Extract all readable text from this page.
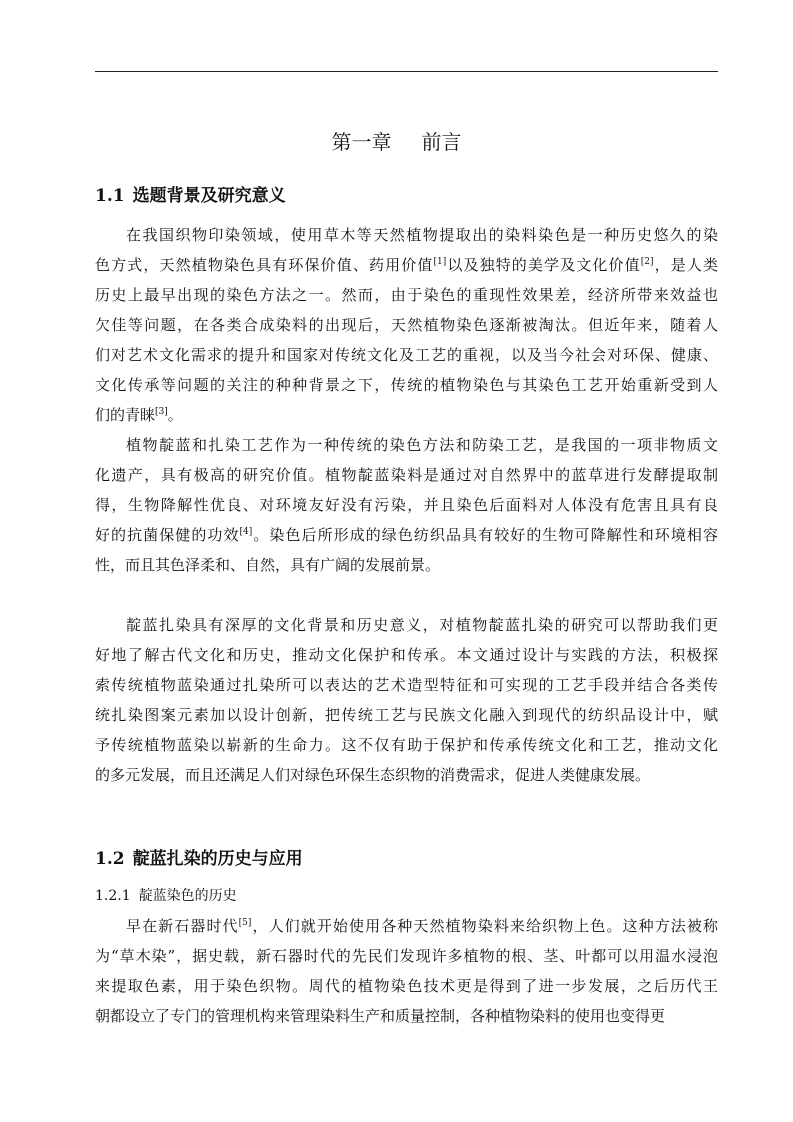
第一章 前言
1.1 选题背景及研究意义
在我国织物印染领域，使用草木等天然植物提取出的染料染色是一种历史悠久的染
色方式，天然植物染色具有环保价值、药用价值[1]以及独特的美学及文化价值[2]，是人类
历史上最早出现的染色方法之一。然而，由于染色的重现性效果差，经济所带来效益也
欠佳等问题，在各类合成染料的出现后，天然植物染色逐渐被淘汰。但近年来，随着人
们对艺术文化需求的提升和国家对传统文化及工艺的重视，以及当今社会对环保、健康、
文化传承等问题的关注的种种背景之下，传统的植物染色与其染色工艺开始重新受到人
们的青睐[3]。
植物靛蓝和扎染工艺作为一种传统的染色方法和防染工艺，是我国的一项非物质文
化遗产，具有极高的研究价值。植物靛蓝染料是通过对自然界中的蓝草进行发酵提取制
得，生物降解性优良、对环境友好没有污染，并且染色后面料对人体没有危害且具有良
好的抗菌保健的功效[4]。染色后所形成的绿色纺织品具有较好的生物可降解性和环境相容
性，而且其色泽柔和、自然，具有广阔的发展前景。
靛蓝扎染具有深厚的文化背景和历史意义，对植物靛蓝扎染的研究可以帮助我们更
好地了解古代文化和历史，推动文化保护和传承。本文通过设计与实践的方法，积极探
索传统植物蓝染通过扎染所可以表达的艺术造型特征和可实现的工艺手段并结合各类传
统扎染图案元素加以设计创新，把传统工艺与民族文化融入到现代的纺织品设计中，赋
予传统植物蓝染以崭新的生命力。这不仅有助于保护和传承传统文化和工艺，推动文化
的多元发展，而且还满足人们对绿色环保生态织物的消费需求，促进人类健康发展。
1.2 靛蓝扎染的历史与应用
1.2.1 靛蓝染色的历史
早在新石器时代[5]，人们就开始使用各种天然植物染料来给织物上色。这种方法被称
为“草木染”，据史载，新石器时代的先民们发现许多植物的根、茎、叶都可以用温水浸泡
来提取色素，用于染色织物。周代的植物染色技术更是得到了进一步发展，之后历代王
朝都设立了专门的管理机构来管理染料生产和质量控制，各种植物染料的使用也变得更
